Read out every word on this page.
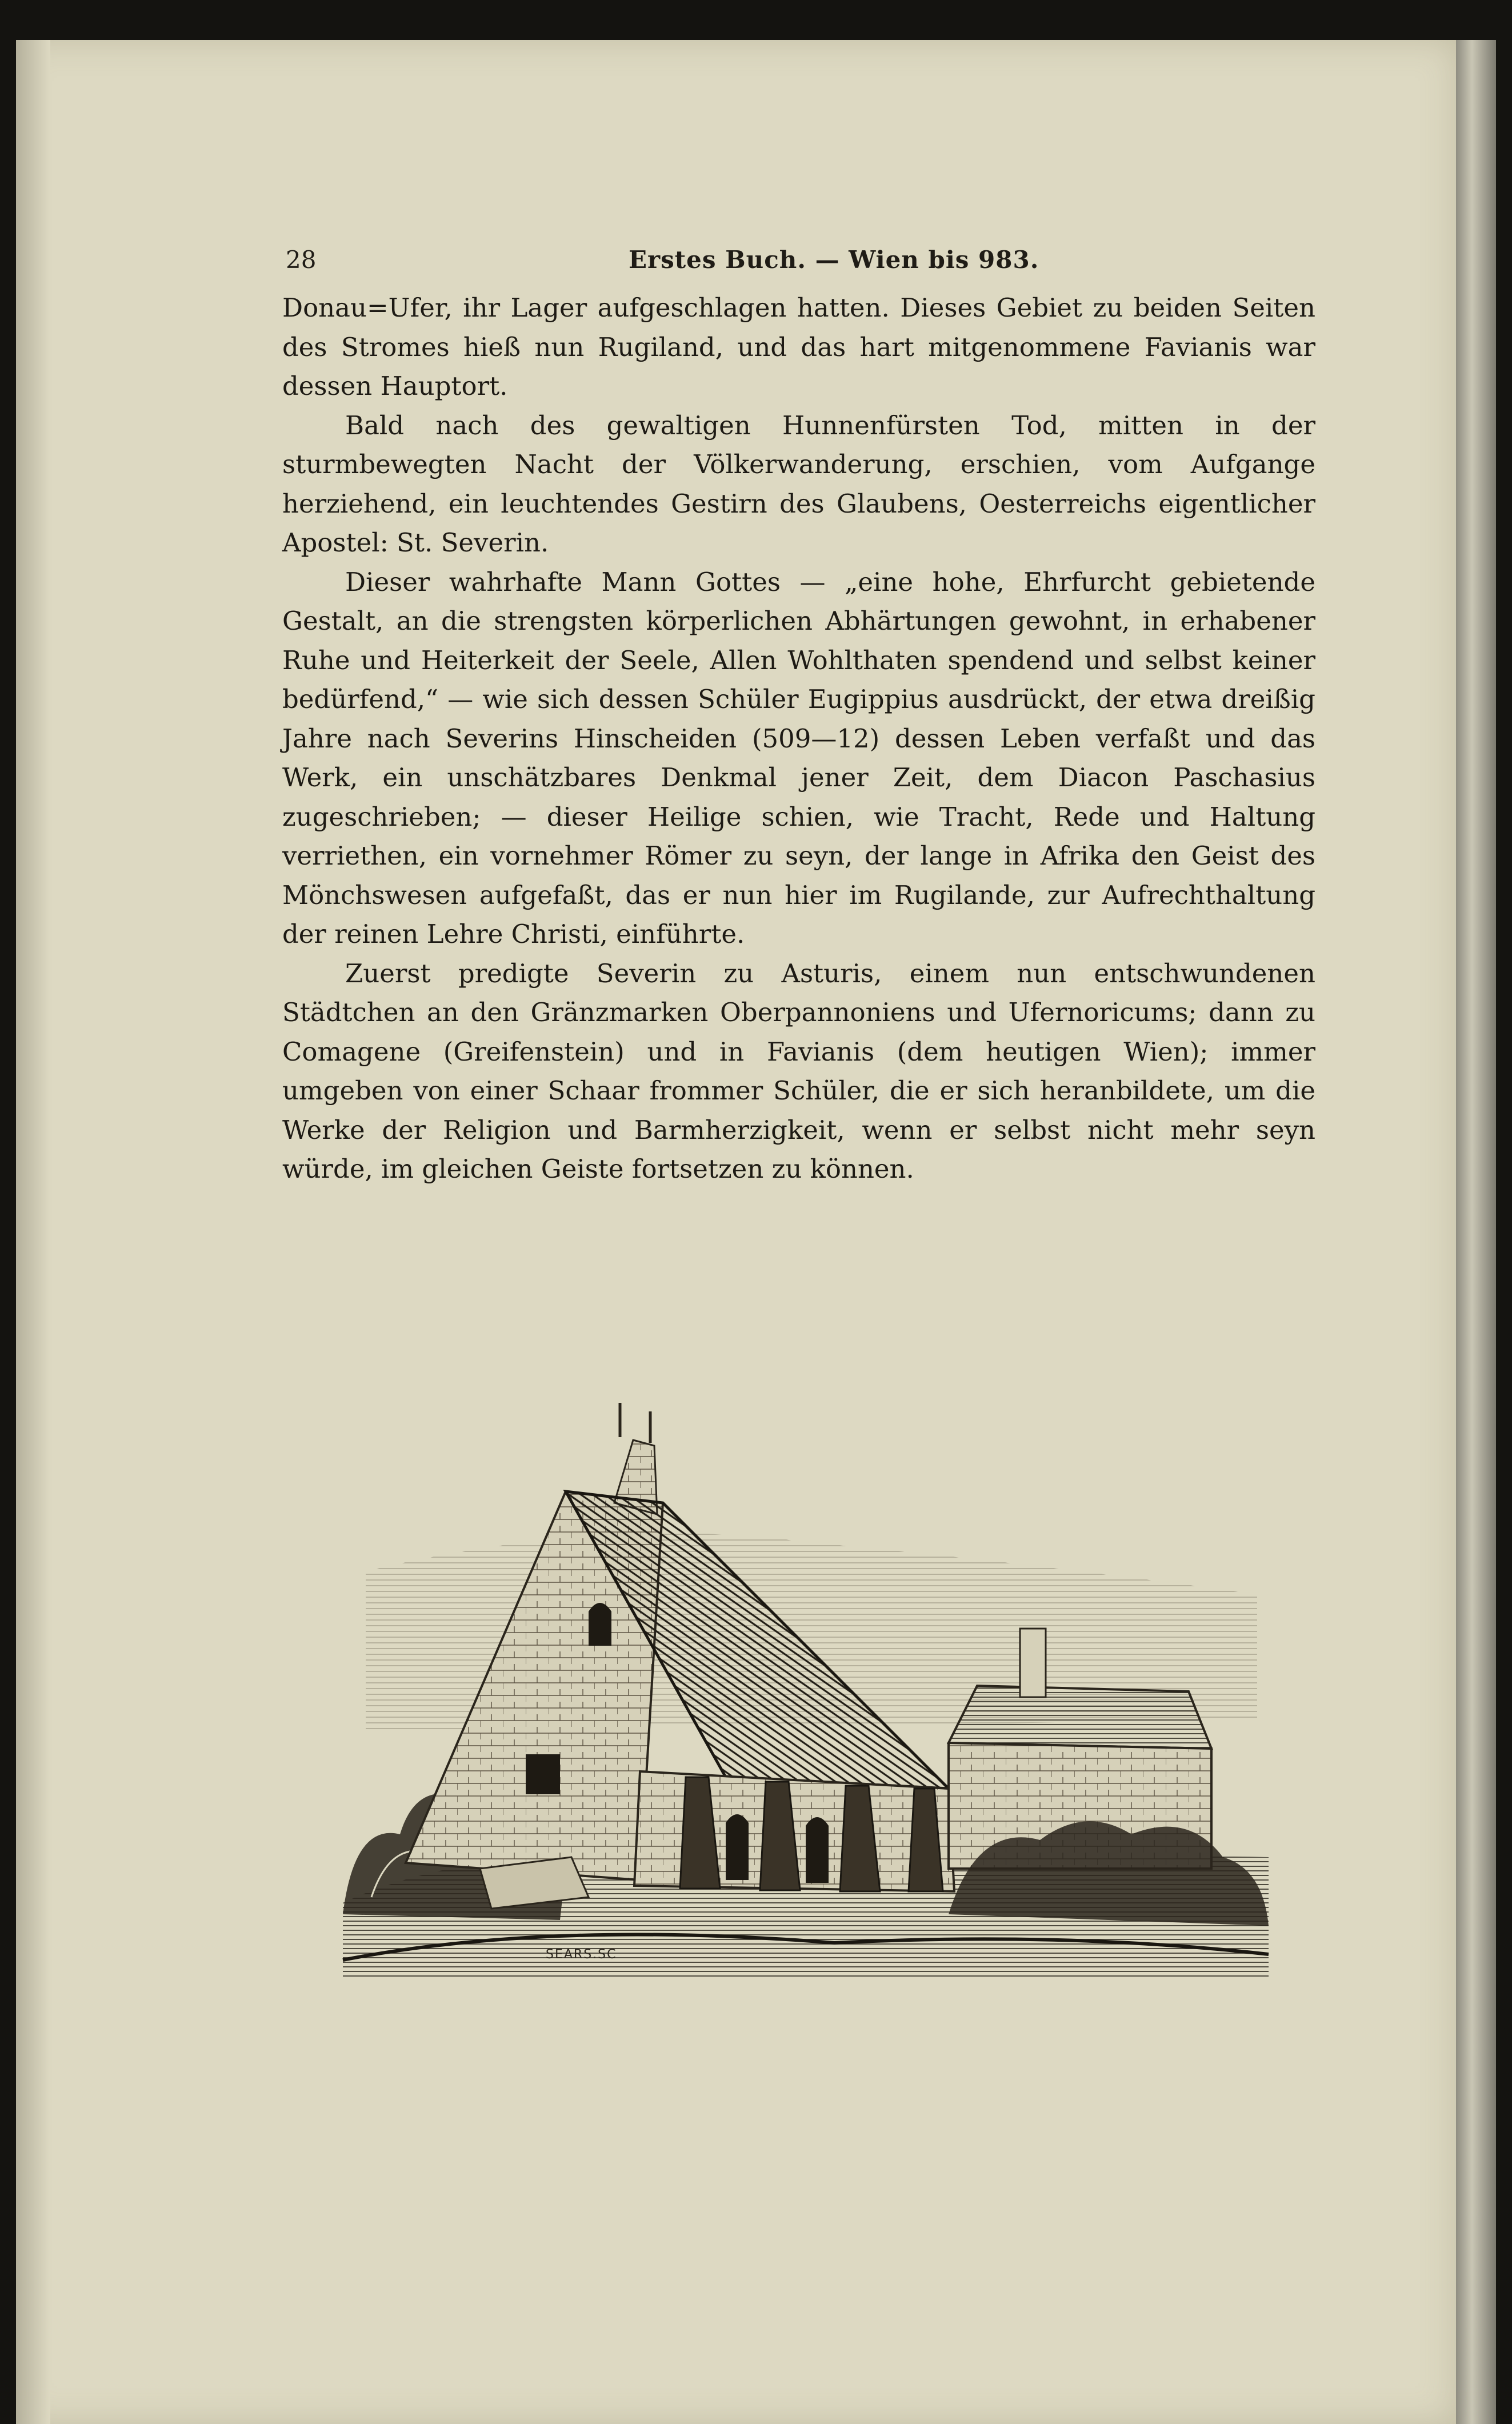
28	Erstes Buch. — Wien bis 983.

Donau=Ufer, ihr Lager aufgeschlagen hatten. Dieses Gebiet zu beiden Seiten des Stromes hieß nun Rugiland, und das hart mitgenommene Favianis war dessen Hauptort.

Bald nach des gewaltigen Hunnenfürsten Tod, mitten in der sturmbewegten Nacht der Völkerwanderung, erschien, vom Aufgange herziehend, ein leuchtendes Gestirn des Glaubens, Oesterreichs eigentlicher Apostel: St. Severin.

Dieser wahrhafte Mann Gottes — „eine hohe, Ehrfurcht gebietende Gestalt, an die strengsten körperlichen Abhärtungen gewohnt, in erhabener Ruhe und Heiterkeit der Seele, Allen Wohlthaten spendend und selbst keiner bedürfend,“ — wie sich dessen Schüler Eugippius ausdrückt, der etwa dreißig Jahre nach Severins Hinscheiden (509—12) dessen Leben verfaßt und das Werk, ein unschätzbares Denkmal jener Zeit, dem Diacon Paschasius zugeschrieben; — dieser Heilige schien, wie Tracht, Rede und Haltung verriethen, ein vornehmer Römer zu seyn, der lange in Afrika den Geist des Mönchswesen aufgefaßt, das er nun hier im Rugilande, zur Aufrechthaltung der reinen Lehre Christi, einführte.

Zuerst predigte Severin zu Asturis, einem nun entschwundenen Städtchen an den Gränzmarken Oberpannoniens und Ufernoricums; dann zu Comagene (Greifenstein) und in Favianis (dem heutigen Wien); immer umgeben von einer Schaar frommer Schüler, die er sich heranbildete, um die Werke der Religion und Barmherzigkeit, wenn er selbst nicht mehr seyn würde, im gleichen Geiste fortsetzen zu können.

SEARS.SC
